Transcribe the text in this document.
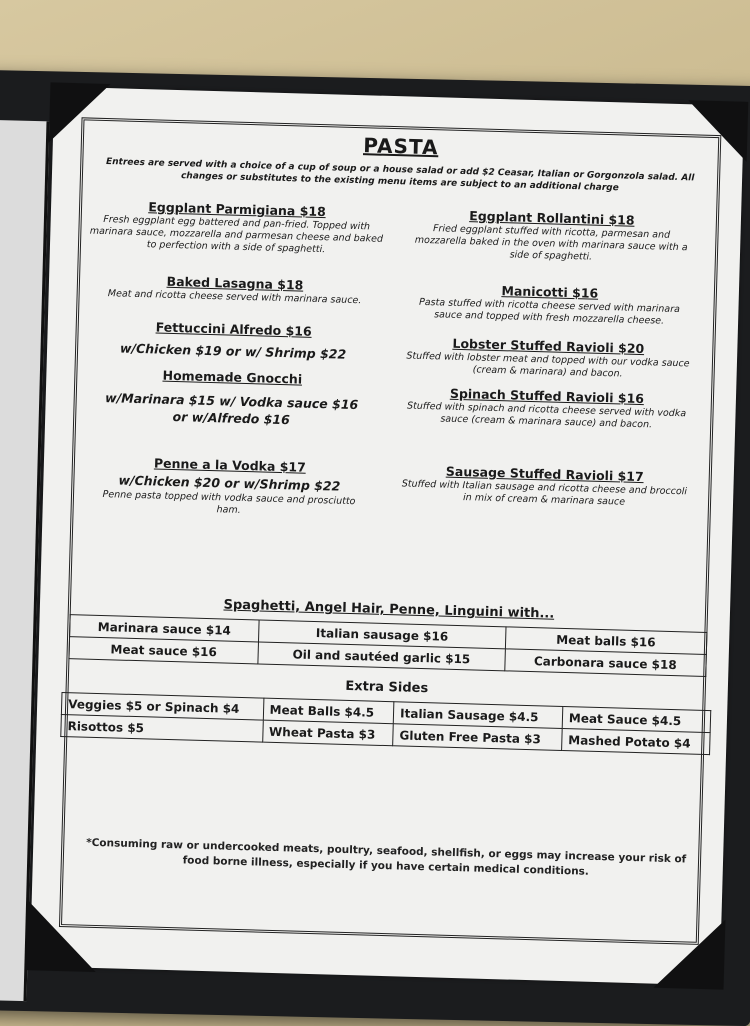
PASTA
Entrees are served with a choice of a cup of soup or a house salad or add $2 Ceasar, Italian or Gorgonzola salad. All changes or substitutes to the existing menu items are subject to an additional charge
Eggplant Parmigiana $18
Fresh eggplant egg battered and pan-fried. Topped with marinara sauce, mozzarella and parmesan cheese and baked to perfection with a side of spaghetti.
Baked Lasagna $18
Meat and ricotta cheese served with marinara sauce.
Fettuccini Alfredo $16
w/Chicken $19 or w/ Shrimp $22
Homemade Gnocchi
w/Marinara $15 w/ Vodka sauce $16 or w/Alfredo $16
Penne a la Vodka $17
w/Chicken $20 or w/Shrimp $22
Penne pasta topped with vodka sauce and prosciutto ham.
Eggplant Rollantini $18
Fried eggplant stuffed with ricotta, parmesan and mozzarella baked in the oven with marinara sauce with a side of spaghetti.
Manicotti $16
Pasta stuffed with ricotta cheese served with marinara sauce and topped with fresh mozzarella cheese.
Lobster Stuffed Ravioli $20
Stuffed with lobster meat and topped with our vodka sauce (cream & marinara) and bacon.
Spinach Stuffed Ravioli $16
Stuffed with spinach and ricotta cheese served with vodka sauce (cream & marinara sauce) and bacon.
Sausage Stuffed Ravioli $17
Stuffed with Italian sausage and ricotta cheese and broccoli in mix of cream & marinara sauce
Spaghetti, Angel Hair, Penne, Linguini with...
Marinara sauce $14	Italian sausage $16	Meat balls $16
Meat sauce $16	Oil and sautéed garlic $15	Carbonara sauce $18
Extra Sides
Veggies $5 or Spinach $4	Meat Balls $4.5	Italian Sausage $4.5	Meat Sauce $4.5
Risottos $5	Wheat Pasta $3	Gluten Free Pasta $3	Mashed Potato $4
*Consuming raw or undercooked meats, poultry, seafood, shellfish, or eggs may increase your risk of food borne illness, especially if you have certain medical conditions.
